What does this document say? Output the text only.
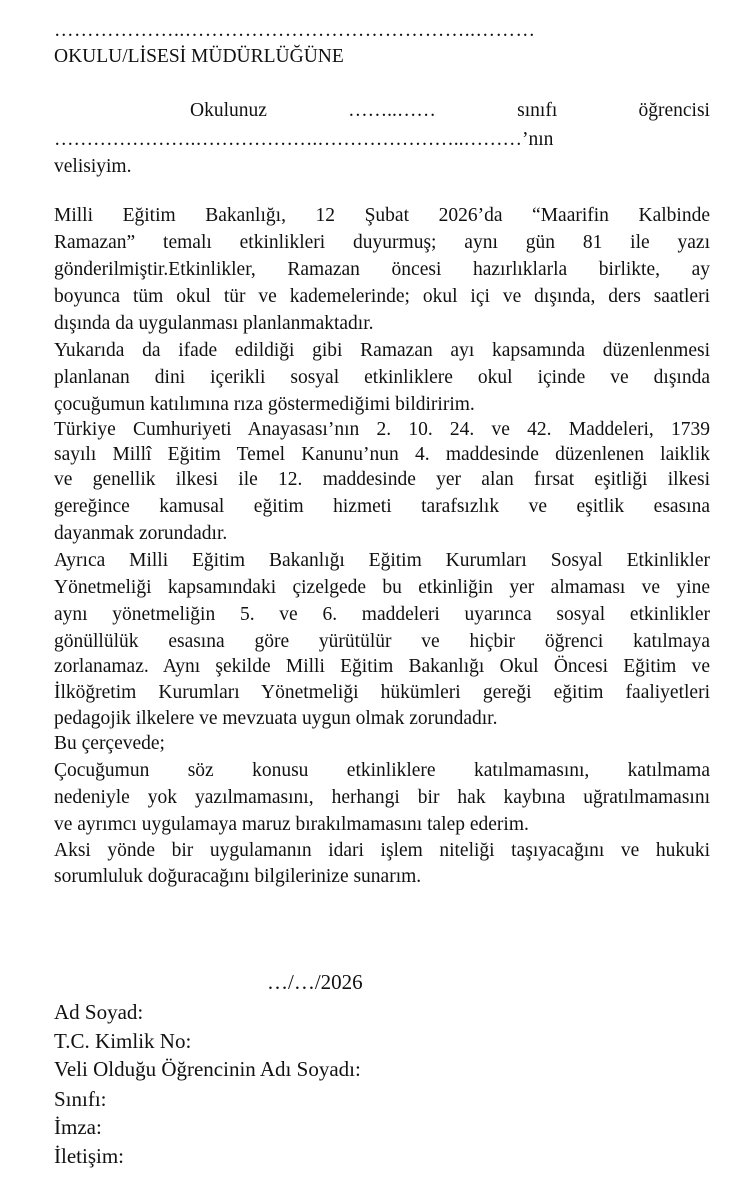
………………..……………………………………..………
OKULU/LİSESİ MÜDÜRLÜĞÜNE
Okulunuz	……..……	sınıfı	öğrencisi
………………….……………….…………………..………’nın
velisiyim.
Milli Eğitim Bakanlığı, 12 Şubat 2026’da “Maarifin Kalbinde
Ramazan” temalı etkinlikleri duyurmuş; aynı gün 81 ile yazı
gönderilmiştir.Etkinlikler, Ramazan öncesi hazırlıklarla birlikte, ay
boyunca tüm okul tür ve kademelerinde; okul içi ve dışında, ders saatleri
dışında da uygulanması planlanmaktadır.
Yukarıda da ifade edildiği gibi Ramazan ayı kapsamında düzenlenmesi
planlanan dini içerikli sosyal etkinliklere okul içinde ve dışında
çocuğumun katılımına rıza göstermediğimi bildiririm.
Türkiye Cumhuriyeti Anayasası’nın 2. 10. 24. ve 42. Maddeleri, 1739
sayılı Millî Eğitim Temel Kanunu’nun 4. maddesinde düzenlenen laiklik
ve genellik ilkesi ile 12. maddesinde yer alan fırsat eşitliği ilkesi
gereğince kamusal eğitim hizmeti tarafsızlık ve eşitlik esasına
dayanmak zorundadır.
Ayrıca Milli Eğitim Bakanlığı Eğitim Kurumları Sosyal Etkinlikler
Yönetmeliği kapsamındaki çizelgede bu etkinliğin yer almaması ve yine
aynı yönetmeliğin 5. ve 6. maddeleri uyarınca sosyal etkinlikler
gönüllülük esasına göre yürütülür ve hiçbir öğrenci katılmaya
zorlanamaz. Aynı şekilde Milli Eğitim Bakanlığı Okul Öncesi Eğitim ve
İlköğretim Kurumları Yönetmeliği hükümleri gereği eğitim faaliyetleri
pedagojik ilkelere ve mevzuata uygun olmak zorundadır.
Bu çerçevede;
Çocuğumun söz konusu etkinliklere katılmamasını, katılmama
nedeniyle yok yazılmamasını, herhangi bir hak kaybına uğratılmamasını
ve ayrımcı uygulamaya maruz bırakılmamasını talep ederim.
Aksi yönde bir uygulamanın idari işlem niteliği taşıyacağını ve hukuki
sorumluluk doğuracağını bilgilerinize sunarım.
…/…/2026
Ad Soyad:
T.C. Kimlik No:
Veli Olduğu Öğrencinin Adı Soyadı:
Sınıfı:
İmza:
İletişim:
